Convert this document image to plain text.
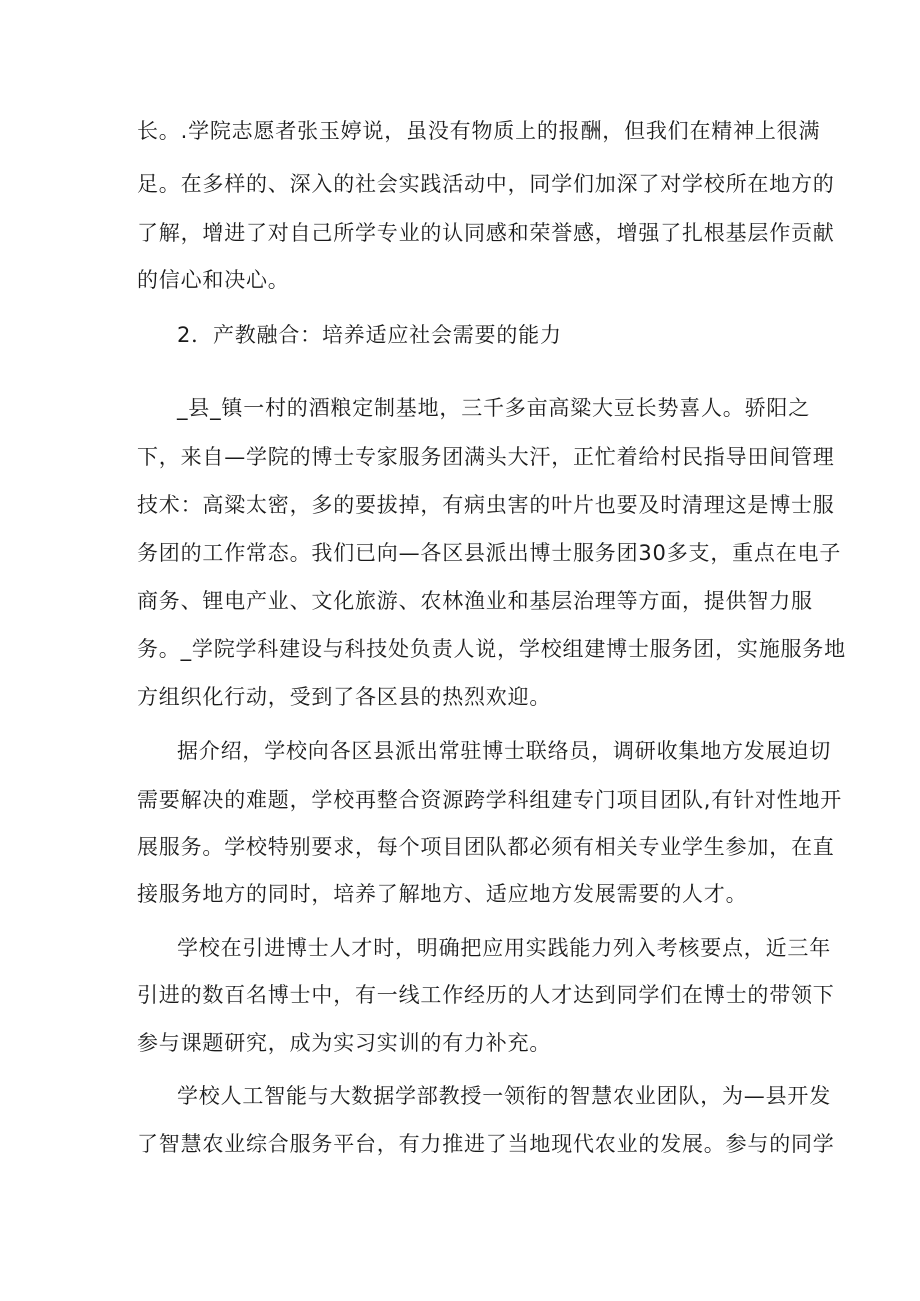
长。.学院志愿者张玉婷说，虽没有物质上的报酬，但我们在精神上很满
足。在多样的、深入的社会实践活动中，同学们加深了对学校所在地方的
了解，增进了对自己所学专业的认同感和荣誉感，增强了扎根基层作贡献
的信心和决心。
2．产教融合：培养适应社会需要的能力
_县_镇一村的酒粮定制基地，三千多亩高粱大豆长势喜人。骄阳之
下，来自—学院的博士专家服务团满头大汗，正忙着给村民指导田间管理
技术：高粱太密，多的要拔掉，有病虫害的叶片也要及时清理这是博士服
务团的工作常态。我们已向—各区县派出博士服务团30多支，重点在电子
商务、锂电产业、文化旅游、农林渔业和基层治理等方面，提供智力服
务。_学院学科建设与科技处负责人说，学校组建博士服务团，实施服务地
方组织化行动，受到了各区县的热烈欢迎。
据介绍，学校向各区县派出常驻博士联络员，调研收集地方发展迫切
需要解决的难题，学校再整合资源跨学科组建专门项目团队,有针对性地开
展服务。学校特别要求，每个项目团队都必须有相关专业学生参加，在直
接服务地方的同时，培养了解地方、适应地方发展需要的人才。
学校在引进博士人才时，明确把应用实践能力列入考核要点，近三年
引进的数百名博士中，有一线工作经历的人才达到同学们在博士的带领下
参与课题研究，成为实习实训的有力补充。
学校人工智能与大数据学部教授一领衔的智慧农业团队，为—县开发
了智慧农业综合服务平台，有力推进了当地现代农业的发展。参与的同学
